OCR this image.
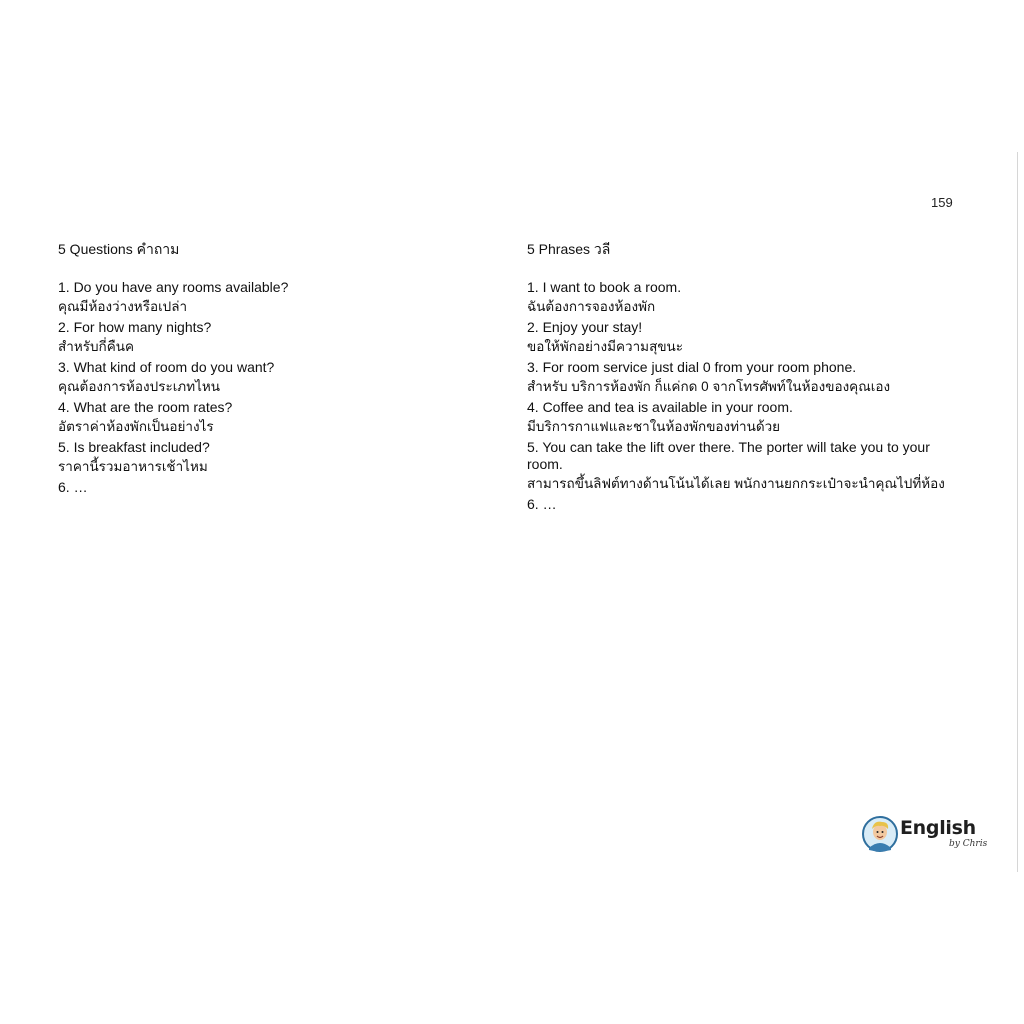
159
5 Questions คำถาม
1. Do you have any rooms available?
คุณมีห้องว่างหรือเปล่า
2. For how many nights?
สำหรับกี่คืนค
3. What kind of room do you want?
คุณต้องการห้องประเภทไหน
4. What are the room rates?
อัตราค่าห้องพักเป็นอย่างไร
5. Is breakfast included?
ราคานี้รวมอาหารเช้าไหม
6. …
5 Phrases วลี
1. I want to book a room.
ฉันต้องการจองห้องพัก
2. Enjoy your stay!
ขอให้พักอย่างมีความสุขนะ
3. For room service just dial 0 from your room phone.
สำหรับ บริการห้องพัก ก็แค่กด 0 จากโทรศัพท์ในห้องของคุณเอง
4. Coffee and tea is available in your room.
มีบริการกาแฟและชาในห้องพักของท่านด้วย
5. You can take the lift over there. The porter will take you to your room.
สามารถขึ้นลิฟต์ทางด้านโน้นได้เลย พนักงานยกกระเป๋าจะนำคุณไปที่ห้อง
6. …
English
by Chris
